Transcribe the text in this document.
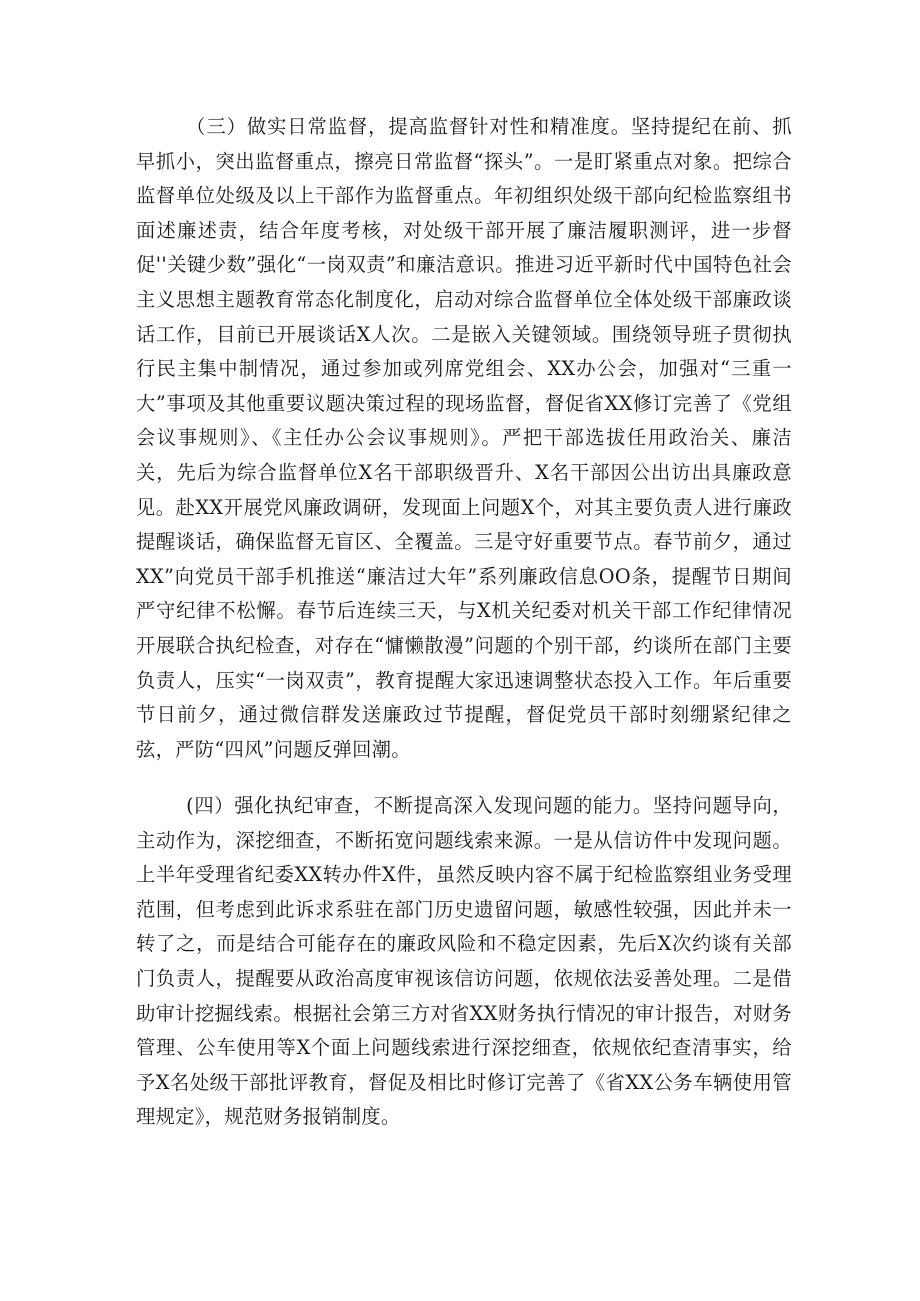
（三）做实日常监督，提高监督针对性和精准度。坚持提纪在前、抓早抓小，突出监督重点，擦亮日常监督“探头”。一是盯紧重点对象。把综合监督单位处级及以上干部作为监督重点。年初组织处级干部向纪检监察组书面述廉述责，结合年度考核，对处级干部开展了廉洁履职测评，进一步督促''关键少数”强化“一岗双责”和廉洁意识。推进习近平新时代中国特色社会主义思想主题教育常态化制度化，启动对综合监督单位全体处级干部廉政谈话工作，目前已开展谈话X人次。二是嵌入关键领域。围绕领导班子贯彻执行民主集中制情况，通过参加或列席党组会、XX办公会，加强对“三重一大”事项及其他重要议题决策过程的现场监督，督促省XX修订完善了《党组会议事规则》、《主任办公会议事规则》。严把干部选拔任用政治关、廉洁关，先后为综合监督单位X名干部职级晋升、X名干部因公出访出具廉政意见。赴XX开展党风廉政调研，发现面上问题X个，对其主要负责人进行廉政提醒谈话，确保监督无盲区、全覆盖。三是守好重要节点。春节前夕，通过XX”向党员干部手机推送“廉洁过大年”系列廉政信息OO条，提醒节日期间严守纪律不松懈。春节后连续三天，与X机关纪委对机关干部工作纪律情况开展联合执纪检查，对存在“慵懒散漫”问题的个别干部，约谈所在部门主要负责人，压实“一岗双责”，教育提醒大家迅速调整状态投入工作。年后重要节日前夕，通过微信群发送廉政过节提醒，督促党员干部时刻绷紧纪律之弦，严防“四风”问题反弹回潮。

(四）强化执纪审查，不断提高深入发现问题的能力。坚持问题导向，主动作为，深挖细查，不断拓宽问题线索来源。一是从信访件中发现问题。上半年受理省纪委XX转办件X件，虽然反映内容不属于纪检监察组业务受理范围，但考虑到此诉求系驻在部门历史遗留问题，敏感性较强，因此并未一转了之，而是结合可能存在的廉政风险和不稳定因素，先后X次约谈有关部门负责人，提醒要从政治高度审视该信访问题，依规依法妥善处理。二是借助审计挖掘线索。根据社会第三方对省XX财务执行情况的审计报告，对财务管理、公车使用等X个面上问题线索进行深挖细查，依规依纪查清事实，给予X名处级干部批评教育，督促及相比时修订完善了《省XX公务车辆使用管理规定》，规范财务报销制度。
